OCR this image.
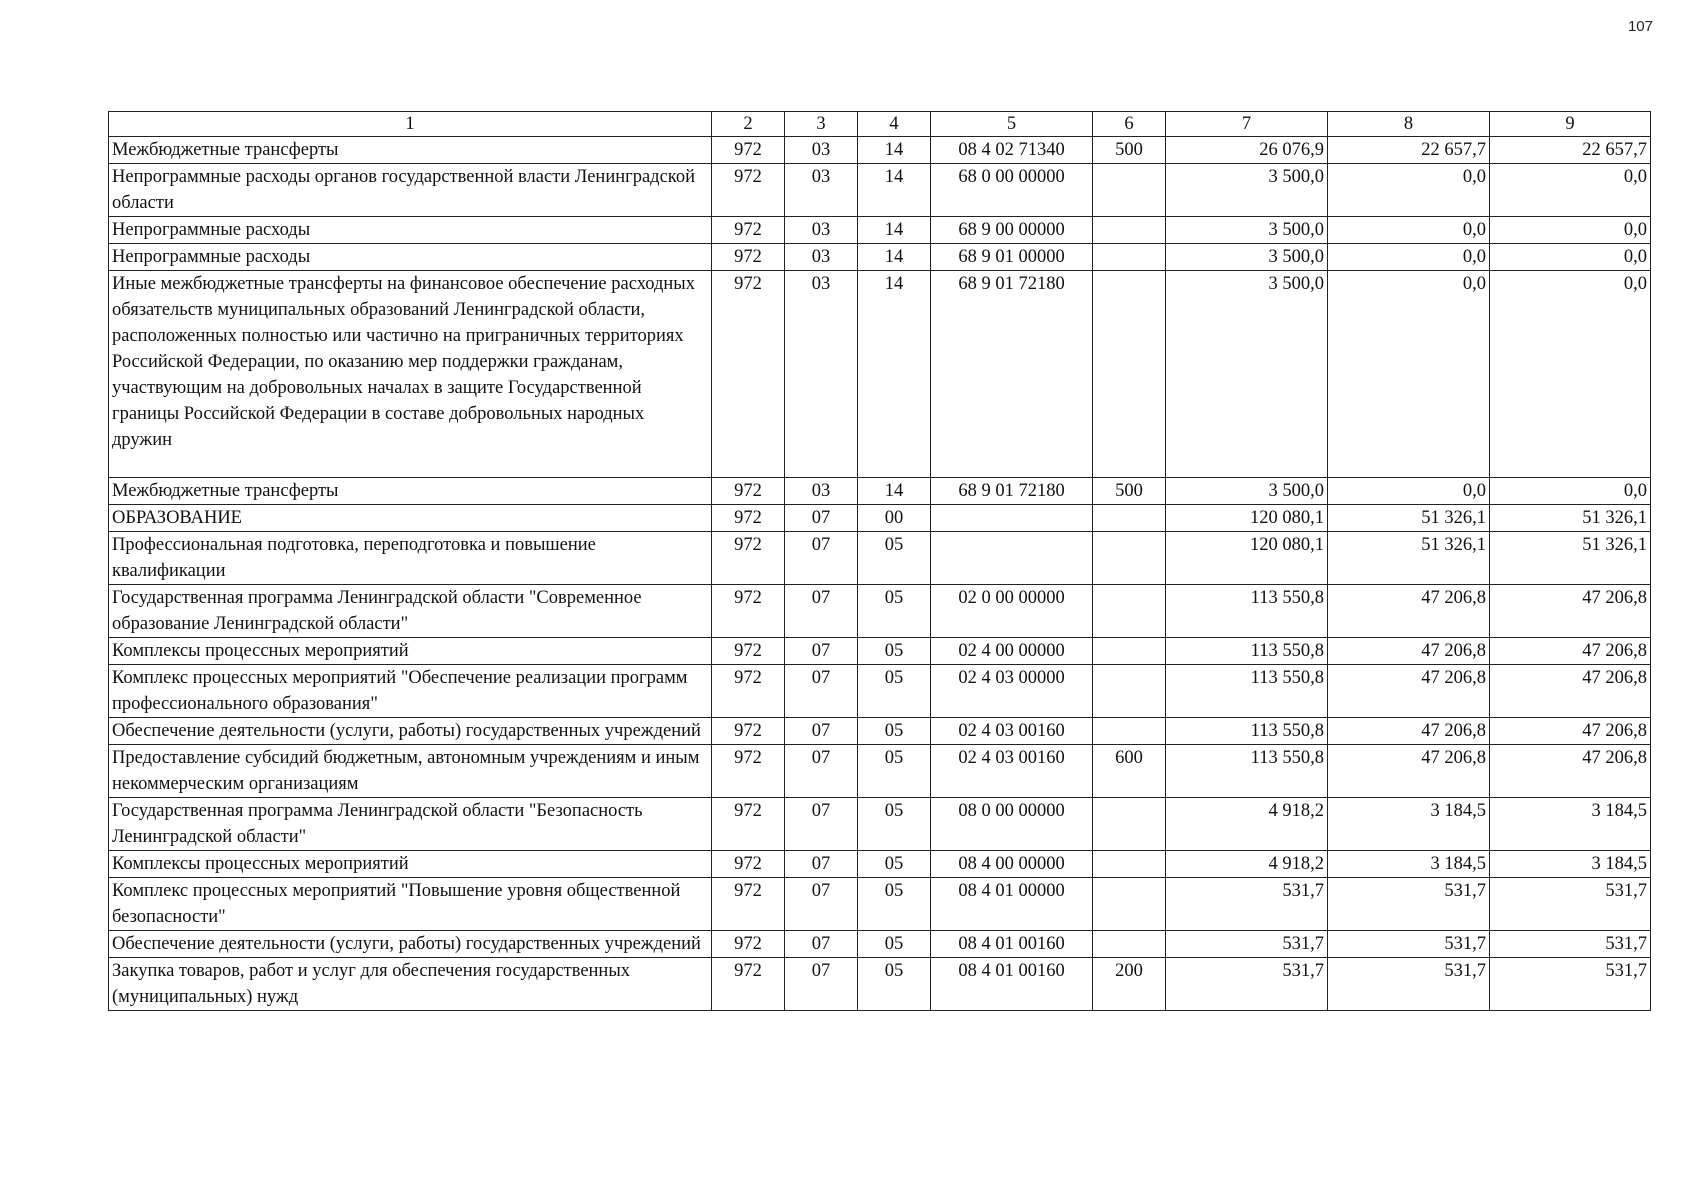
107
1	2	3	4	5	6	7	8	9
Межбюджетные трансферты	972	03	14	08 4 02 71340	500	26 076,9	22 657,7	22 657,7
Непрограммные расходы органов государственной власти Ленинградской области	972	03	14	68 0 00 00000		3 500,0	0,0	0,0
Непрограммные расходы	972	03	14	68 9 00 00000		3 500,0	0,0	0,0
Непрограммные расходы	972	03	14	68 9 01 00000		3 500,0	0,0	0,0
Иные межбюджетные трансферты на финансовое обеспечение расходных обязательств муниципальных образований Ленинградской области, расположенных полностью или частично на приграничных территориях Российской Федерации, по оказанию мер поддержки гражданам, участвующим на добровольных началах в защите Государственной границы Российской Федерации в составе добровольных народных дружин	972	03	14	68 9 01 72180		3 500,0	0,0	0,0
Межбюджетные трансферты	972	03	14	68 9 01 72180	500	3 500,0	0,0	0,0
ОБРАЗОВАНИЕ	972	07	00			120 080,1	51 326,1	51 326,1
Профессиональная подготовка, переподготовка и повышение квалификации	972	07	05			120 080,1	51 326,1	51 326,1
Государственная программа Ленинградской области "Современное образование Ленинградской области"	972	07	05	02 0 00 00000		113 550,8	47 206,8	47 206,8
Комплексы процессных мероприятий	972	07	05	02 4 00 00000		113 550,8	47 206,8	47 206,8
Комплекс процессных мероприятий "Обеспечение реализации программ профессионального образования"	972	07	05	02 4 03 00000		113 550,8	47 206,8	47 206,8
Обеспечение деятельности (услуги, работы) государственных учреждений	972	07	05	02 4 03 00160		113 550,8	47 206,8	47 206,8
Предоставление субсидий бюджетным, автономным учреждениям и иным некоммерческим организациям	972	07	05	02 4 03 00160	600	113 550,8	47 206,8	47 206,8
Государственная программа Ленинградской области "Безопасность Ленинградской области"	972	07	05	08 0 00 00000		4 918,2	3 184,5	3 184,5
Комплексы процессных мероприятий	972	07	05	08 4 00 00000		4 918,2	3 184,5	3 184,5
Комплекс процессных мероприятий "Повышение уровня общественной безопасности"	972	07	05	08 4 01 00000		531,7	531,7	531,7
Обеспечение деятельности (услуги, работы) государственных учреждений	972	07	05	08 4 01 00160		531,7	531,7	531,7
Закупка товаров, работ и услуг для обеспечения государственных (муниципальных) нужд	972	07	05	08 4 01 00160	200	531,7	531,7	531,7
